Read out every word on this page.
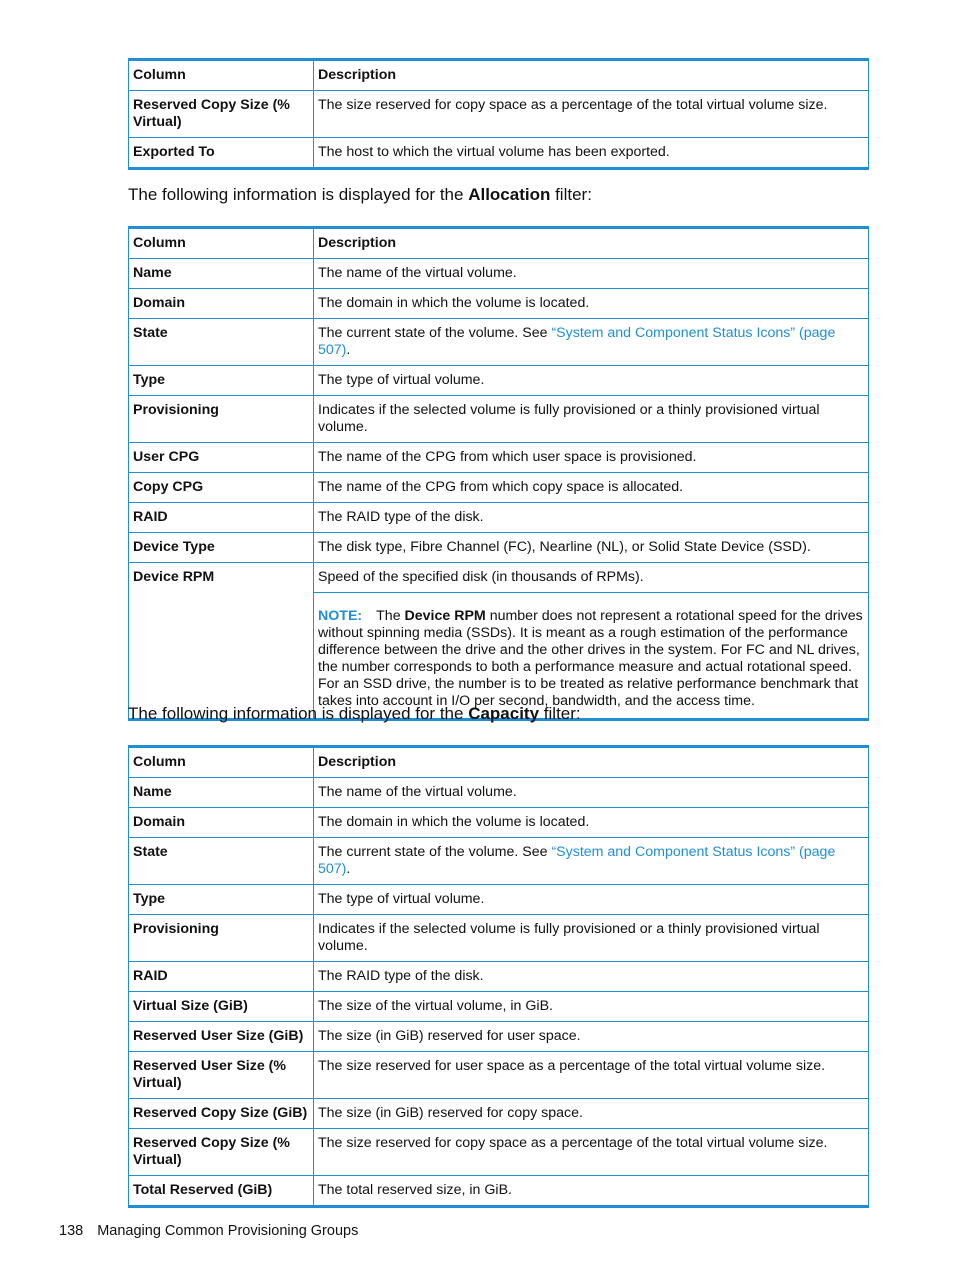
Column	Description
Reserved Copy Size (% Virtual)	The size reserved for copy space as a percentage of the total virtual volume size.
Exported To	The host to which the virtual volume has been exported.

The following information is displayed for the Allocation filter:

Column	Description
Name	The name of the virtual volume.
Domain	The domain in which the volume is located.
State	The current state of the volume. See “System and Component Status Icons” (page 507).
Type	The type of virtual volume.
Provisioning	Indicates if the selected volume is fully provisioned or a thinly provisioned virtual volume.
User CPG	The name of the CPG from which user space is provisioned.
Copy CPG	The name of the CPG from which copy space is allocated.
RAID	The RAID type of the disk.
Device Type	The disk type, Fibre Channel (FC), Nearline (NL), or Solid State Device (SSD).
Device RPM	Speed of the specified disk (in thousands of RPMs).
	NOTE: The Device RPM number does not represent a rotational speed for the drives without spinning media (SSDs). It is meant as a rough estimation of the performance difference between the drive and the other drives in the system. For FC and NL drives, the number corresponds to both a performance measure and actual rotational speed. For an SSD drive, the number is to be treated as relative performance benchmark that takes into account in I/O per second, bandwidth, and the access time.

The following information is displayed for the Capacity filter:

Column	Description
Name	The name of the virtual volume.
Domain	The domain in which the volume is located.
State	The current state of the volume. See “System and Component Status Icons” (page 507).
Type	The type of virtual volume.
Provisioning	Indicates if the selected volume is fully provisioned or a thinly provisioned virtual volume.
RAID	The RAID type of the disk.
Virtual Size (GiB)	The size of the virtual volume, in GiB.
Reserved User Size (GiB)	The size (in GiB) reserved for user space.
Reserved User Size (% Virtual)	The size reserved for user space as a percentage of the total virtual volume size.
Reserved Copy Size (GiB)	The size (in GiB) reserved for copy space.
Reserved Copy Size (% Virtual)	The size reserved for copy space as a percentage of the total virtual volume size.
Total Reserved (GiB)	The total reserved size, in GiB.
138 Managing Common Provisioning Groups
